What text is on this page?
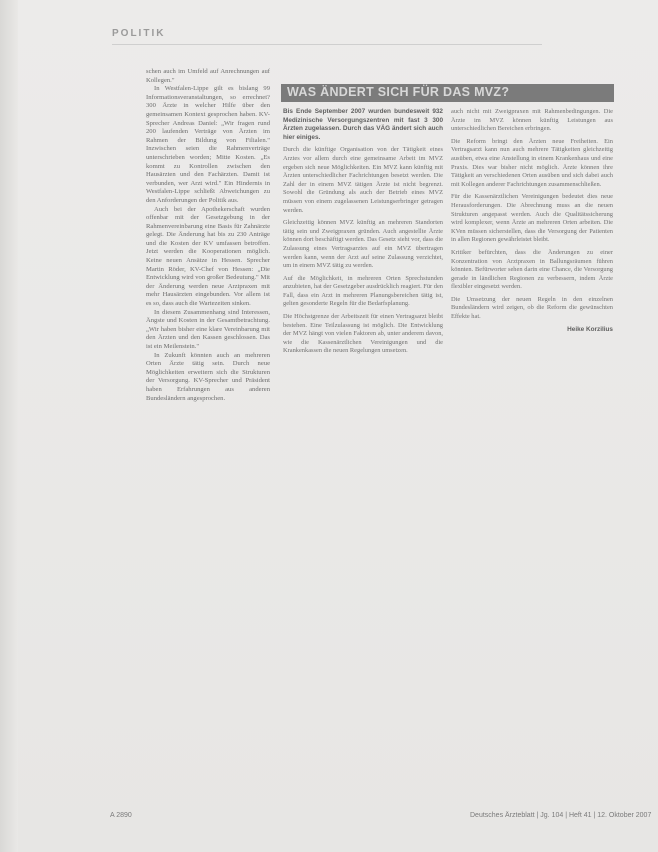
POLITIK

schen auch im Umfeld auf Anrechnungen auf Kollegen."

In Westfalen-Lippe gilt es bislang 99 Informationsveranstaltungen, so errechnet? 300 Ärzte in welcher Hilfe über den gemeinsamen Kontext gesprochen haben. KV-Sprecher Andreas Daniel: „Wir fragen rund 200 laufenden Verträge von Ärzten im Rahmen der Bildung von Filialen." Inzwischen seien die Rahmenverträge unterschrieben worden; Mitte Kosten. „Es kommt zu Kontrollen zwischen den Hausärzten und den Fachärzten. Damit ist verbunden, wer Arzt wird." Ein Hindernis in Westfalen-Lippe schließt Abweichungen zu den Anforderungen der Politik aus.

Auch bei der Apothekerschaft wurden offenbar mit der Gesetzgebung in der Rahmenvereinbarung eine Basis für Zahnärzte gelegt. Die Änderung hat bis zu 230 Anträge und die Kosten der KV umfassen betroffen. Jetzt werden die Kooperationen möglich. Keine neuen Ansätze in Hessen. Sprecher Martin Röder, KV-Chef von Hessen: „Die Entwicklung wird von großer Bedeutung." Mit der Änderung werden neue Arztpraxen mit mehr Hausärzten eingebunden. Vor allem ist es so, dass auch die Wartezeiten sinken.

In diesem Zusammenhang sind Interessen, Ängste und Kosten in der Gesamtbetrachtung. „Wir haben bisher eine klare Vereinbarung mit den Ärzten und den Kassen geschlossen. Das ist ein Meilenstein."

In Zukunft könnten auch an mehreren Orten Ärzte tätig sein. Durch neue Möglichkeiten erweitern sich die Strukturen der Versorgung. KV-Sprecher und Präsident haben Erfahrungen aus anderen Bundesländern angesprochen.

WAS ÄNDERT SICH FÜR DAS MVZ?

Bis Ende September 2007 wurden bundesweit 932 Medizinische Versorgungszentren mit fast 3 300 Ärzten zugelassen. Durch das VÄG ändert sich auch hier einiges.

Durch die künftige Organisation von der Tätigkeit eines Arztes vor allem durch eine gemeinsame Arbeit im MVZ ergeben sich neue Möglichkeiten. Ein MVZ kann künftig mit Ärzten unterschiedlicher Fachrichtungen besetzt werden. Die Zahl der in einem MVZ tätigen Ärzte ist nicht begrenzt. Sowohl die Gründung als auch der Betrieb eines MVZ müssen von einem zugelassenen Leistungserbringer getragen werden.

Gleichzeitig können MVZ künftig an mehreren Standorten tätig sein und Zweigpraxen gründen. Auch angestellte Ärzte können dort beschäftigt werden. Das Gesetz sieht vor, dass die Zulassung eines Vertragsarztes auf ein MVZ übertragen werden kann, wenn der Arzt auf seine Zulassung verzichtet, um in einem MVZ tätig zu werden.

Auf die Möglichkeit, in mehreren Orten Sprechstunden anzubieten, hat der Gesetzgeber ausdrücklich reagiert. Für den Fall, dass ein Arzt in mehreren Planungsbereichen tätig ist, gelten gesonderte Regeln für die Bedarfsplanung.

Die Höchstgrenze der Arbeitszeit für einen Vertragsarzt bleibt bestehen. Eine Teilzulassung ist möglich. Die Entwicklung der MVZ hängt von vielen Faktoren ab, unter anderem davon, wie die Kassenärztlichen Vereinigungen und die Krankenkassen die neuen Regelungen umsetzen.

auch nicht mit Zweigpraxen mit Rahmenbedingungen. Die Ärzte im MVZ können künftig Leistungen aus unterschiedlichen Bereichen erbringen.

Die Reform bringt den Ärzten neue Freiheiten. Ein Vertragsarzt kann nun auch mehrere Tätigkeiten gleichzeitig ausüben, etwa eine Anstellung in einem Krankenhaus und eine Praxis. Dies war bisher nicht möglich. Ärzte können ihre Tätigkeit an verschiedenen Orten ausüben und sich dabei auch mit Kollegen anderer Fachrichtungen zusammenschließen.

Für die Kassenärztlichen Vereinigungen bedeutet dies neue Herausforderungen. Die Abrechnung muss an die neuen Strukturen angepasst werden. Auch die Qualitätssicherung wird komplexer, wenn Ärzte an mehreren Orten arbeiten. Die KVen müssen sicherstellen, dass die Versorgung der Patienten in allen Regionen gewährleistet bleibt.

Kritiker befürchten, dass die Änderungen zu einer Konzentration von Arztpraxen in Ballungsräumen führen könnten. Befürworter sehen darin eine Chance, die Versorgung gerade in ländlichen Regionen zu verbessern, indem Ärzte flexibler eingesetzt werden.

Die Umsetzung der neuen Regeln in den einzelnen Bundesländern wird zeigen, ob die Reform die gewünschten Effekte hat.

Heike Korzilius
A 2890	Deutsches Ärzteblatt | Jg. 104 | Heft 41 | 12. Oktober 2007
